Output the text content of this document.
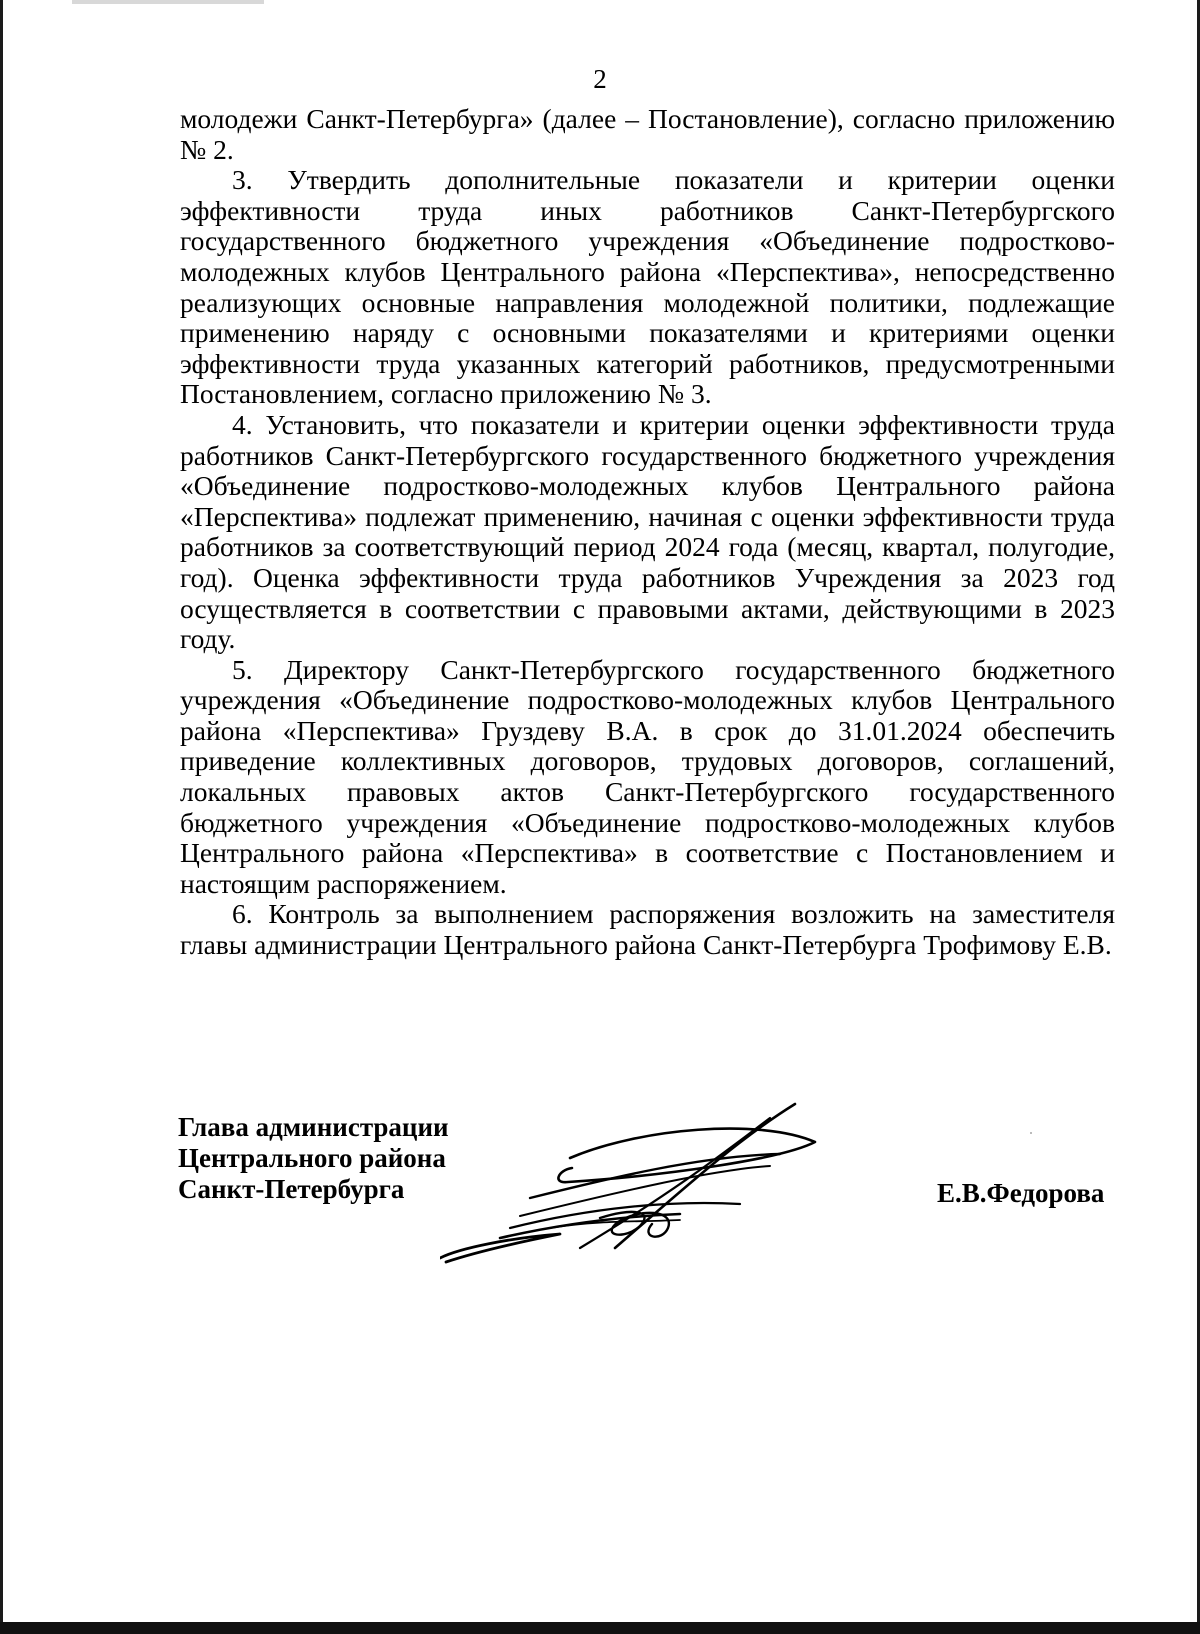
2

молодежи Санкт-Петербурга» (далее – Постановление), согласно приложению № 2.

3. Утвердить дополнительные показатели и критерии оценки эффективности труда иных работников Санкт-Петербургского государственного бюджетного учреждения «Объединение подростково-молодежных клубов Центрального района «Перспектива», непосредственно реализующих основные направления молодежной политики, подлежащие применению наряду с основными показателями и критериями оценки эффективности труда указанных категорий работников, предусмотренными Постановлением, согласно приложению № 3.

4. Установить, что показатели и критерии оценки эффективности труда работников Санкт-Петербургского государственного бюджетного учреждения «Объединение подростково-молодежных клубов Центрального района «Перспектива» подлежат применению, начиная с оценки эффективности труда работников за соответствующий период 2024 года (месяц, квартал, полугодие, год). Оценка эффективности труда работников Учреждения за 2023 год осуществляется в соответствии с правовыми актами, действующими в 2023 году.

5. Директору Санкт-Петербургского государственного бюджетного учреждения «Объединение подростково-молодежных клубов Центрального района «Перспектива» Груздеву В.А. в срок до 31.01.2024 обеспечить приведение коллективных договоров, трудовых договоров, соглашений, локальных правовых актов Санкт-Петербургского государственного бюджетного учреждения «Объединение подростково-молодежных клубов Центрального района «Перспектива» в соответствие с Постановлением и настоящим распоряжением.

6. Контроль за выполнением распоряжения возложить на заместителя главы администрации Центрального района Санкт-Петербурга Трофимову Е.В.

Глава администрации
Центрального района
Санкт-Петербурга	Е.В.Федорова
